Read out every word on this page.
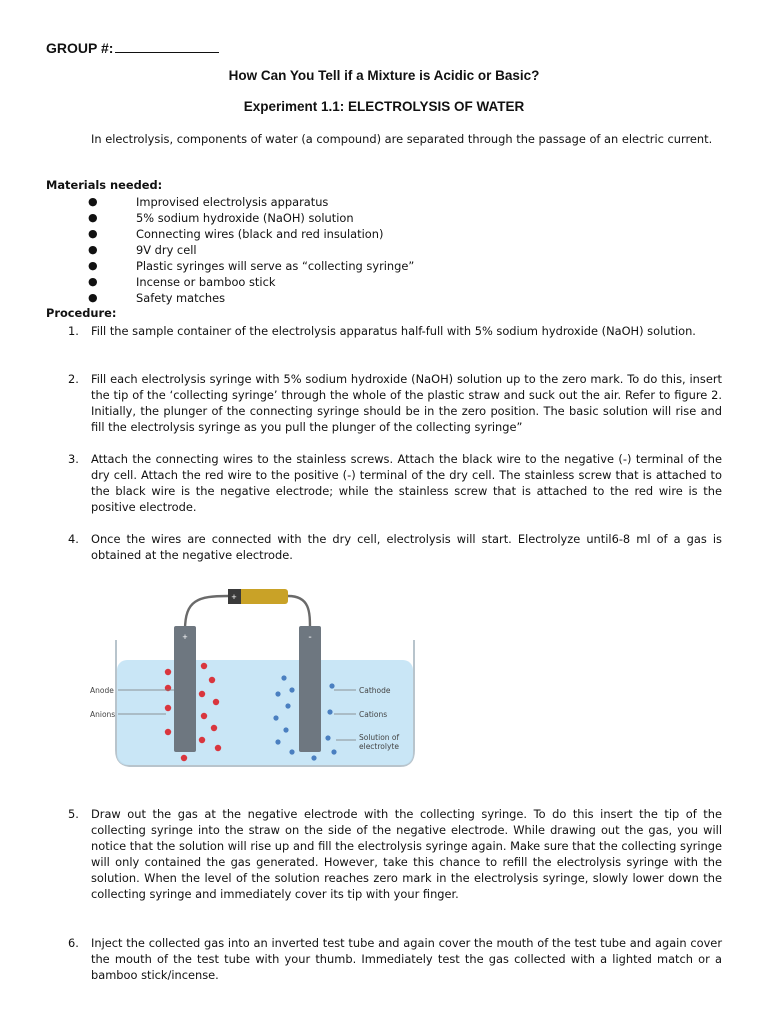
GROUP #:
How Can You Tell if a Mixture is Acidic or Basic?
Experiment 1.1: ELECTROLYSIS OF WATER
In electrolysis, components of water (a compound) are separated through the passage of an electric current.
Materials needed:
●	Improvised electrolysis apparatus
●	5% sodium hydroxide (NaOH) solution
●	Connecting wires (black and red insulation)
●	9V dry cell
●	Plastic syringes will serve as “collecting syringe”
●	Incense or bamboo stick
●	Safety matches
Procedure:
1. Fill the sample container of the electrolysis apparatus half-full with 5% sodium hydroxide (NaOH) solution.
2. Fill each electrolysis syringe with 5% sodium hydroxide (NaOH) solution up to the zero mark. To do this, insert the tip of the ‘collecting syringe’ through the whole of the plastic straw and suck out the air. Refer to figure 2. Initially, the plunger of the connecting syringe should be in the zero position. The basic solution will rise and fill the electrolysis syringe as you pull the plunger of the collecting syringe”
3. Attach the connecting wires to the stainless screws. Attach the black wire to the negative (-) terminal of the dry cell. Attach the red wire to the positive (-) terminal of the dry cell. The stainless screw that is attached to the black wire is the negative electrode; while the stainless screw that is attached to the red wire is the positive electrode.
4. Once the wires are connected with the dry cell, electrolysis will start. Electrolyze until6-8 ml of a gas is obtained at the negative electrode.
+
+	-
Anode
Anions
Cathode
Cations
Solution of
electrolyte
5. Draw out the gas at the negative electrode with the collecting syringe. To do this insert the tip of the collecting syringe into the straw on the side of the negative electrode. While drawing out the gas, you will notice that the solution will rise up and fill the electrolysis syringe again. Make sure that the collecting syringe will only contained the gas generated. However, take this chance to refill the electrolysis syringe with the solution. When the level of the solution reaches zero mark in the electrolysis syringe, slowly lower down the collecting syringe and immediately cover its tip with your finger.
6. Inject the collected gas into an inverted test tube and again cover the mouth of the test tube and again cover the mouth of the test tube with your thumb. Immediately test the gas collected with a lighted match or a bamboo stick/incense.
